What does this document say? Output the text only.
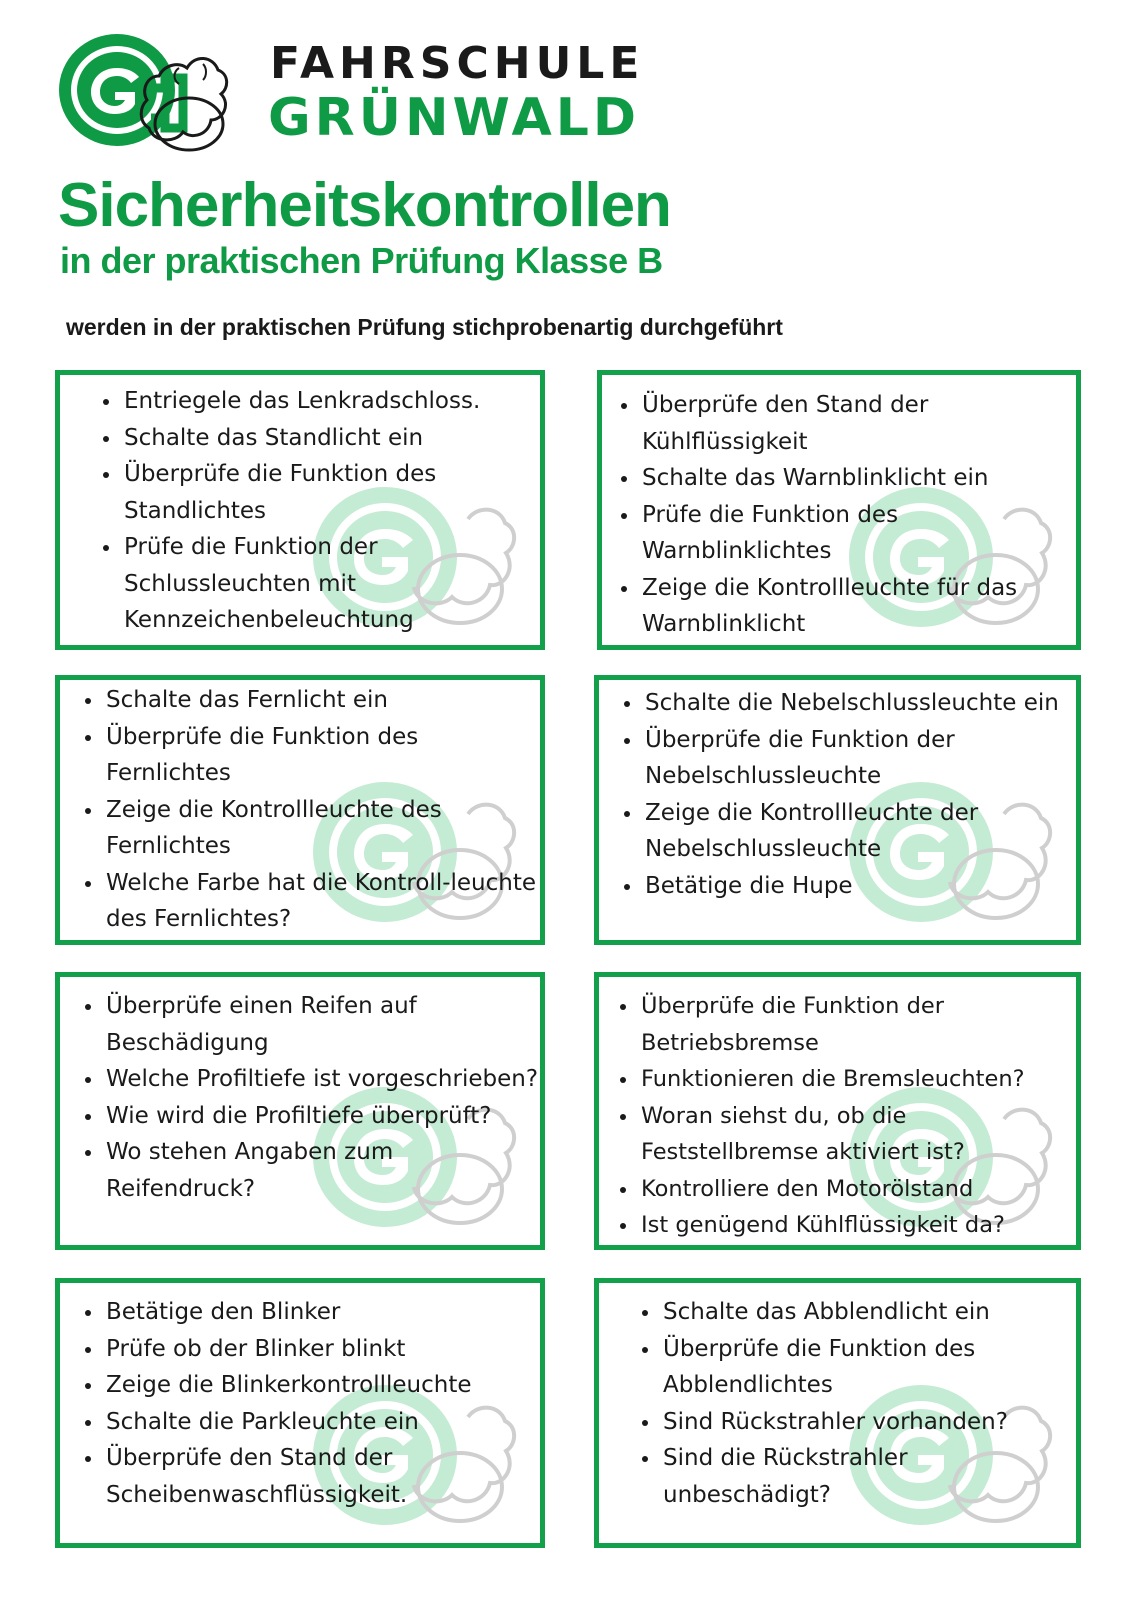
FAHRSCHULE
GRÜNWALD
Sicherheitskontrollen
in der praktischen Prüfung Klasse B
werden in der praktischen Prüfung stichprobenartig durchgeführt
• Entriegele das Lenkradschloss.
• Schalte das Standlicht ein
• Überprüfe die Funktion des Standlichtes
• Prüfe die Funktion der Schlussleuchten mit Kennzeichenbeleuchtung
• Überprüfe den Stand der Kühlflüssigkeit
• Schalte das Warnblinklicht ein
• Prüfe die Funktion des Warnblinklichtes
• Zeige die Kontrollleuchte für das Warnblinklicht
• Schalte das Fernlicht ein
• Überprüfe die Funktion des Fernlichtes
• Zeige die Kontrollleuchte des Fernlichtes
• Welche Farbe hat die Kontroll-leuchte des Fernlichtes?
• Schalte die Nebelschlussleuchte ein
• Überprüfe die Funktion der Nebelschlussleuchte
• Zeige die Kontrollleuchte der Nebelschlussleuchte
• Betätige die Hupe
• Überprüfe einen Reifen auf Beschädigung
• Welche Profiltiefe ist vorgeschrieben?
• Wie wird die Profiltiefe überprüft?
• Wo stehen Angaben zum Reifendruck?
• Überprüfe die Funktion der Betriebsbremse
• Funktionieren die Bremsleuchten?
• Woran siehst du, ob die Feststellbremse aktiviert ist?
• Kontrolliere den Motorölstand
• Ist genügend Kühlflüssigkeit da?
• Betätige den Blinker
• Prüfe ob der Blinker blinkt
• Zeige die Blinkerkontrollleuchte
• Schalte die Parkleuchte ein
• Überprüfe den Stand der Scheibenwaschflüssigkeit.
• Schalte das Abblendlicht ein
• Überprüfe die Funktion des Abblendlichtes
• Sind Rückstrahler vorhanden?
• Sind die Rückstrahler unbeschädigt?
